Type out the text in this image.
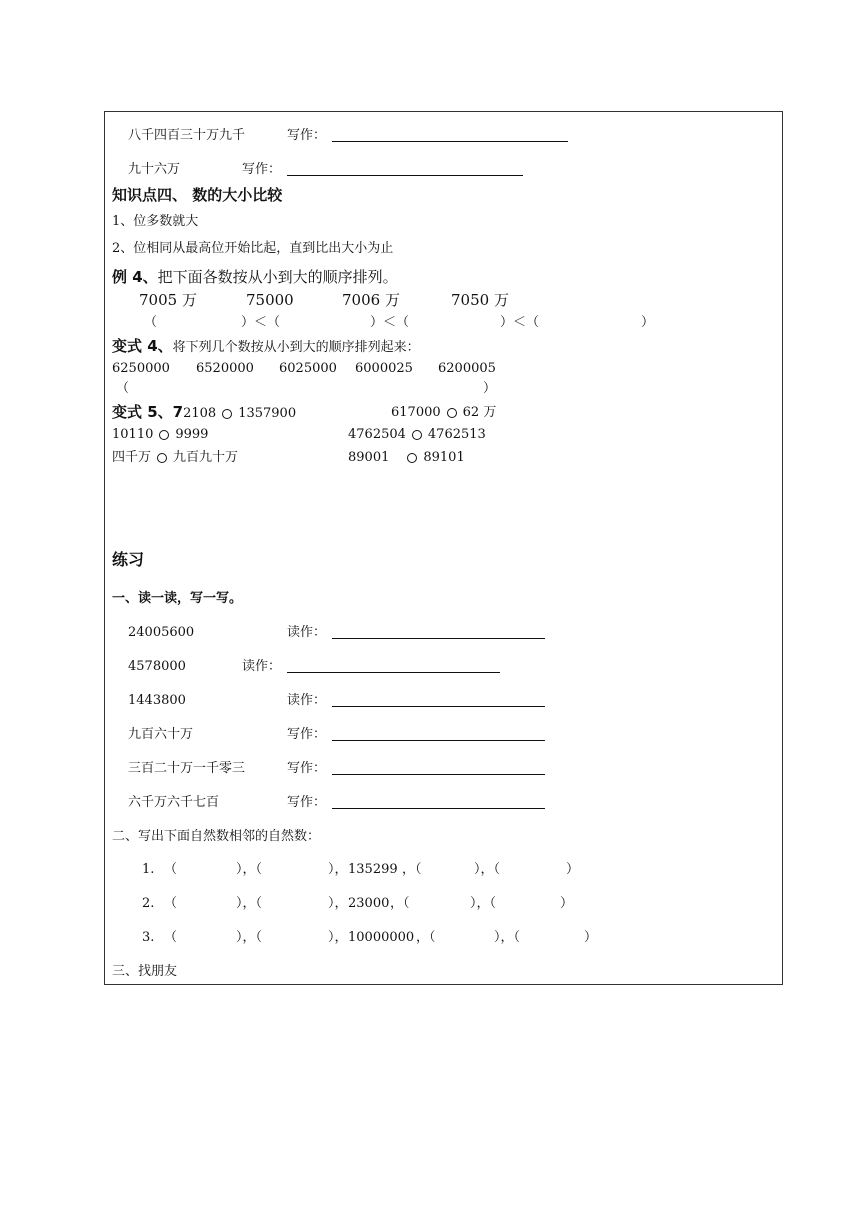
八千四百三十万九千	写作：
九十六万	写作：
知识点四、 数的大小比较
1、位多数就大
2、位相同从最高位开始比起，直到比出大小为止
例 4、把下面各数按从小到大的顺序排列。
7005 万	75000	7006 万	7050 万
（	）＜（	）＜（	）＜（	）
变式 4、将下列几个数按从小到大的顺序排列起来：
6250000 6520000 6025000 6000025 6200005
（	）
变式 5、72108 1357900	617000 62 万
10110 9999	4762504 4762513
四千万 九百九十万	89001	89101
练习
一、读一读，写一写。
24005600	读作：
4578000	读作：
1443800	读作：
九百六十万	写作：
三百二十万一千零三	写作：
六千万六千七百	写作：
二、写出下面自然数相邻的自然数：
1. （	），（	）， 135299 ，（	），（	）
2. （	），（	）， 23000 ，（	），（	）
3. （	），（	）， 10000000 ，（	），（	）
三、找朋友
